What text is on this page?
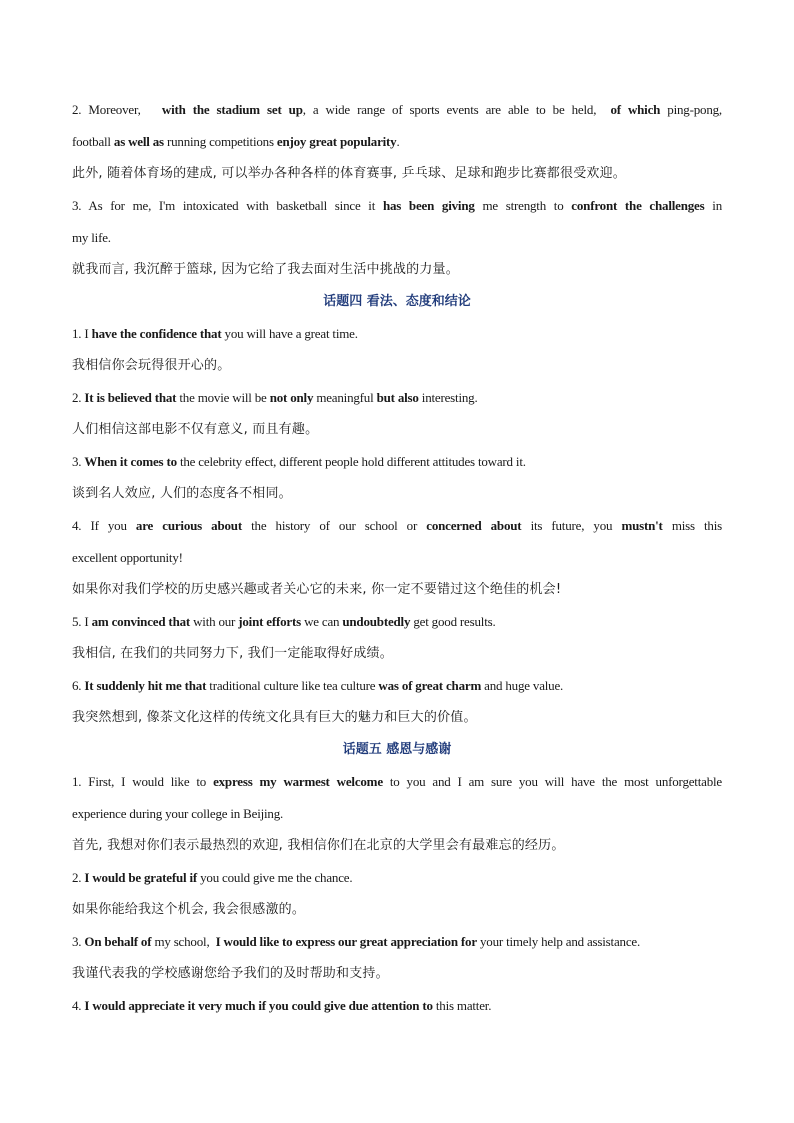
2. Moreover, with the stadium set up, a wide range of sports events are able to be held, of which ping-pong,
football as well as running competitions enjoy great popularity.
此外, 随着体育场的建成, 可以举办各种各样的体育赛事, 乒乓球、足球和跑步比赛都很受欢迎。
3. As for me, I'm intoxicated with basketball since it has been giving me strength to confront the challenges in
my life.
就我而言, 我沉醉于篮球, 因为它给了我去面对生活中挑战的力量。
话题四 看法、态度和结论
1. I have the confidence that you will have a great time.
我相信你会玩得很开心的。
2. It is believed that the movie will be not only meaningful but also interesting.
人们相信这部电影不仅有意义, 而且有趣。
3. When it comes to the celebrity effect, different people hold different attitudes toward it.
谈到名人效应, 人们的态度各不相同。
4. If you are curious about the history of our school or concerned about its future, you mustn't miss this
excellent opportunity!
如果你对我们学校的历史感兴趣或者关心它的未来, 你一定不要错过这个绝佳的机会!
5. I am convinced that with our joint efforts we can undoubtedly get good results.
我相信, 在我们的共同努力下, 我们一定能取得好成绩。
6. It suddenly hit me that traditional culture like tea culture was of great charm and huge value.
我突然想到, 像茶文化这样的传统文化具有巨大的魅力和巨大的价值。
话题五 感恩与感谢
1. First, I would like to express my warmest welcome to you and I am sure you will have the most unforgettable
experience during your college in Beijing.
首先, 我想对你们表示最热烈的欢迎, 我相信你们在北京的大学里会有最难忘的经历。
2. I would be grateful if you could give me the chance.
如果你能给我这个机会, 我会很感激的。
3. On behalf of my school, I would like to express our great appreciation for your timely help and assistance.
我谨代表我的学校感谢您给予我们的及时帮助和支持。
4. I would appreciate it very much if you could give due attention to this matter.
